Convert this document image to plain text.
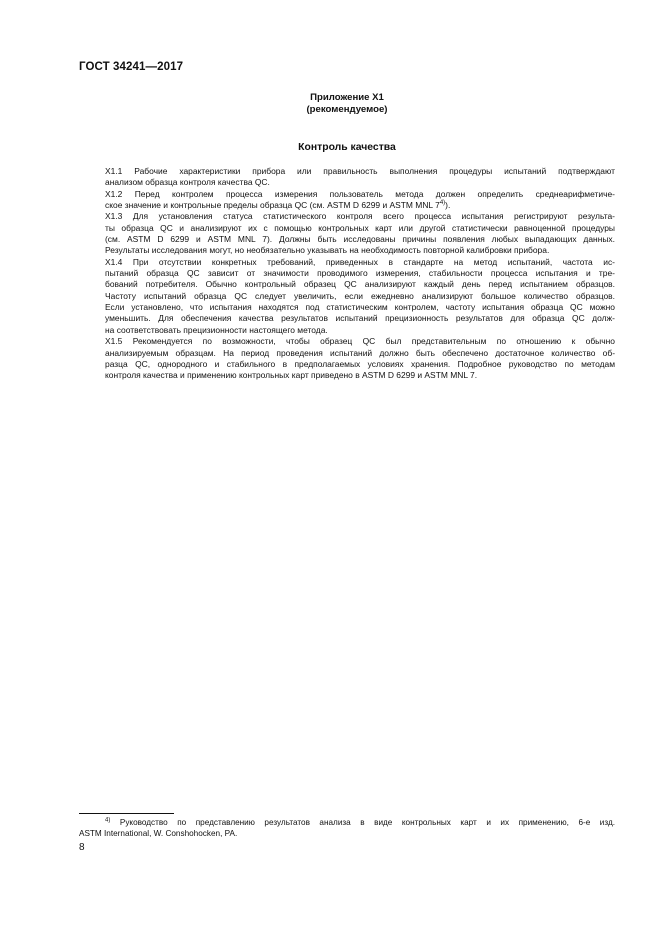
ГОСТ 34241—2017
Приложение Х1
(рекомендуемое)
Контроль качества

Х1.1 Рабочие характеристики прибора или правильность выполнения процедуры испытаний подтверждают
анализом образца контроля качества QC.

Х1.2 Перед контролем процесса измерения пользователь метода должен определить среднеарифметиче-
ское значение и контрольные пределы образца QC (см. ASTM D 6299 и ASTM MNL 7$^{4)}$).

Х1.3 Для установления статуса статистического контроля всего процесса испытания регистрируют результа-
ты образца QC и анализируют их с помощью контрольных карт или другой статистически равноценной процедуры
(см. ASTM D 6299 и ASTM MNL 7). Должны быть исследованы причины появления любых выпадающих данных.
Результаты исследования могут, но необязательно указывать на необходимость повторной калибровки прибора.

Х1.4 При отсутствии конкретных требований, приведенных в стандарте на метод испытаний, частота ис-
пытаний образца QC зависит от значимости проводимого измерения, стабильности процесса испытания и тре-
бований потребителя. Обычно контрольный образец QC анализируют каждый день перед испытанием образцов.
Частоту испытаний образца QC следует увеличить, если ежедневно анализируют большое количество образцов.
Если установлено, что испытания находятся под статистическим контролем, частоту испытания образца QC можно
уменьшить. Для обеспечения качества результатов испытаний прецизионность результатов для образца QC долж-
на соответствовать прецизионности настоящего метода.

Х1.5 Рекомендуется по возможности, чтобы образец QC был представительным по отношению к обычно
анализируемым образцам. На период проведения испытаний должно быть обеспечено достаточное количество об-
разца QC, однородного и стабильного в предполагаемых условиях хранения. Подробное руководство по методам
контроля качества и применению контрольных карт приведено в ASTM D 6299 и ASTM MNL 7.

$^{4)}$ Руководство по представлению результатов анализа в виде контрольных карт и их применению, 6-е изд.
ASTM International, W. Conshohocken, PA.
8
